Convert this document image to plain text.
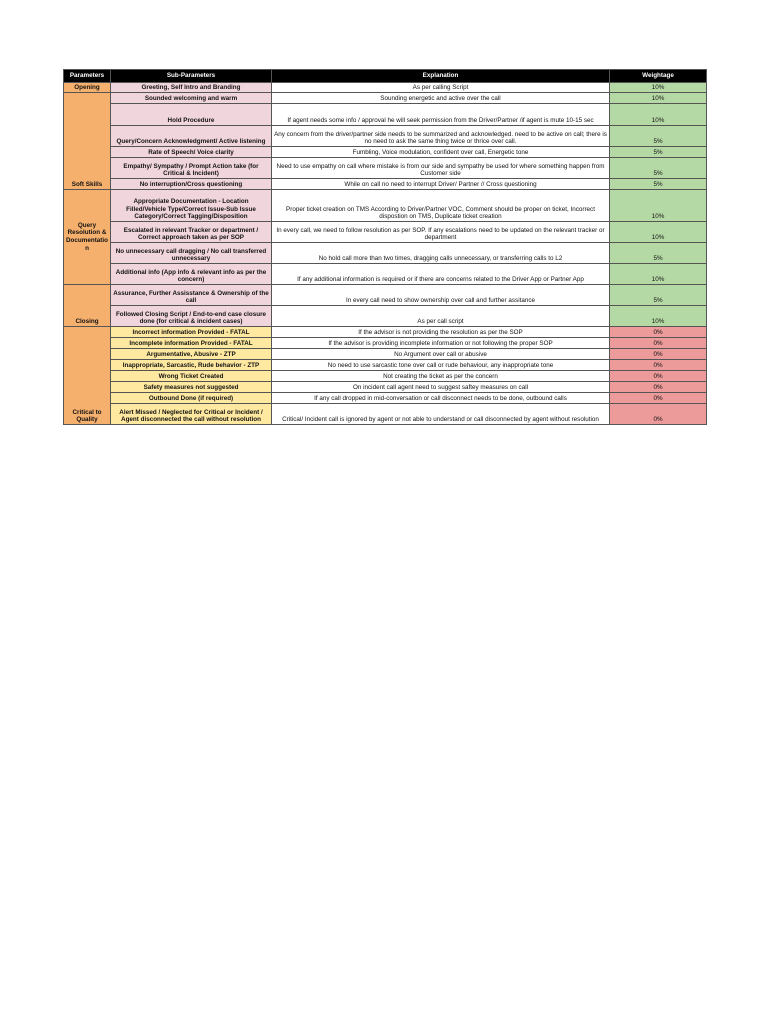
Parameters	Sub-Parameters	Explanation	Weightage
Opening	Greeting, Self Intro and Branding	As per calling Script	10%
Soft Skills	Sounded welcoming and warm	Sounding energetic and active over the call	10%
	Hold Procedure	If agent needs some info / approval he will seek permission from the Driver/Partner /if agent is mute 10-15 sec	10%
	Query/Concern Acknowledgment/ Active listening	Any concern from the driver/partner side needs to be summarized and acknowledged. need to be active on call; there is no need to ask the same thing twice or thrice over call.	5%
	Rate of Speech/ Voice clarity	Fumbling, Voice modulation, confident over call, Energetic tone	5%
	Empathy/ Sympathy / Prompt Action take (for Critical & Incident)	Need to use empathy on call where mistake is from our side and sympathy be used for where something happen from Customer side	5%
	No interruption/Cross questioning	While on call no need to interrupt Driver/ Partner // Cross questioning	5%
Query Resolution & Documentatio n	Appropriate Documentation - Location Filled/Vehicle Type/Correct Issue-Sub Issue Category/Correct Tagging/Disposition	Proper ticket creation on TMS According to Driver/Partner VOC, Comment should be proper on ticket, Incorrect dispostion on TMS, Duplicate ticket creation	10%
	Escalated in relevant Tracker or department / Correct approach taken as per SOP	In every call, we need to follow resolution as per SOP. If any escalations need to be updated on the relevant tracker or department	10%
	No unnecessary call dragging / No call transferred unnecessary	No hold call more than two times, dragging calls unnecessary, or transferring calls to L2	5%
	Additional info (App info & relevant info as per the concern)	If any additional information is required or if there are concerns related to the Driver App or Partner App	10%
Closing	Assurance, Further Assisstance & Ownership of the call	In every call need to show ownership over call and further assitance	5%
	Followed Closing Script / End-to-end case closure done (for critical & incident cases)	As per call script	10%
Critical to Quality	Incorrect information Provided - FATAL	If the advisor is not providing the resolution as per the SOP	0%
	Incomplete information Provided - FATAL	If the advisor is providing incomplete information or not following the proper SOP	0%
	Argumentative, Abusive - ZTP	No Argument over call or abusive	0%
	Inappropriate, Sarcastic, Rude behavior - ZTP	No need to use sarcastic tone over call or rude behaviour, any inappropriate tone	0%
	Wrong Ticket Created	Not creating the ticket as per the concern	0%
	Safety measures not suggested	On incident call agent need to suggest saftey measures on call	0%
	Outbound Done (if required)	If any call dropped in mid-conversation or call disconnect needs to be done, outbound calls	0%
	Alert Missed / Neglected for Critical or Incident / Agent disconnected the call without resolution	Critical/ Incident call is ignored by agent or not able to understand or call disconnected by agent without resolution	0%
